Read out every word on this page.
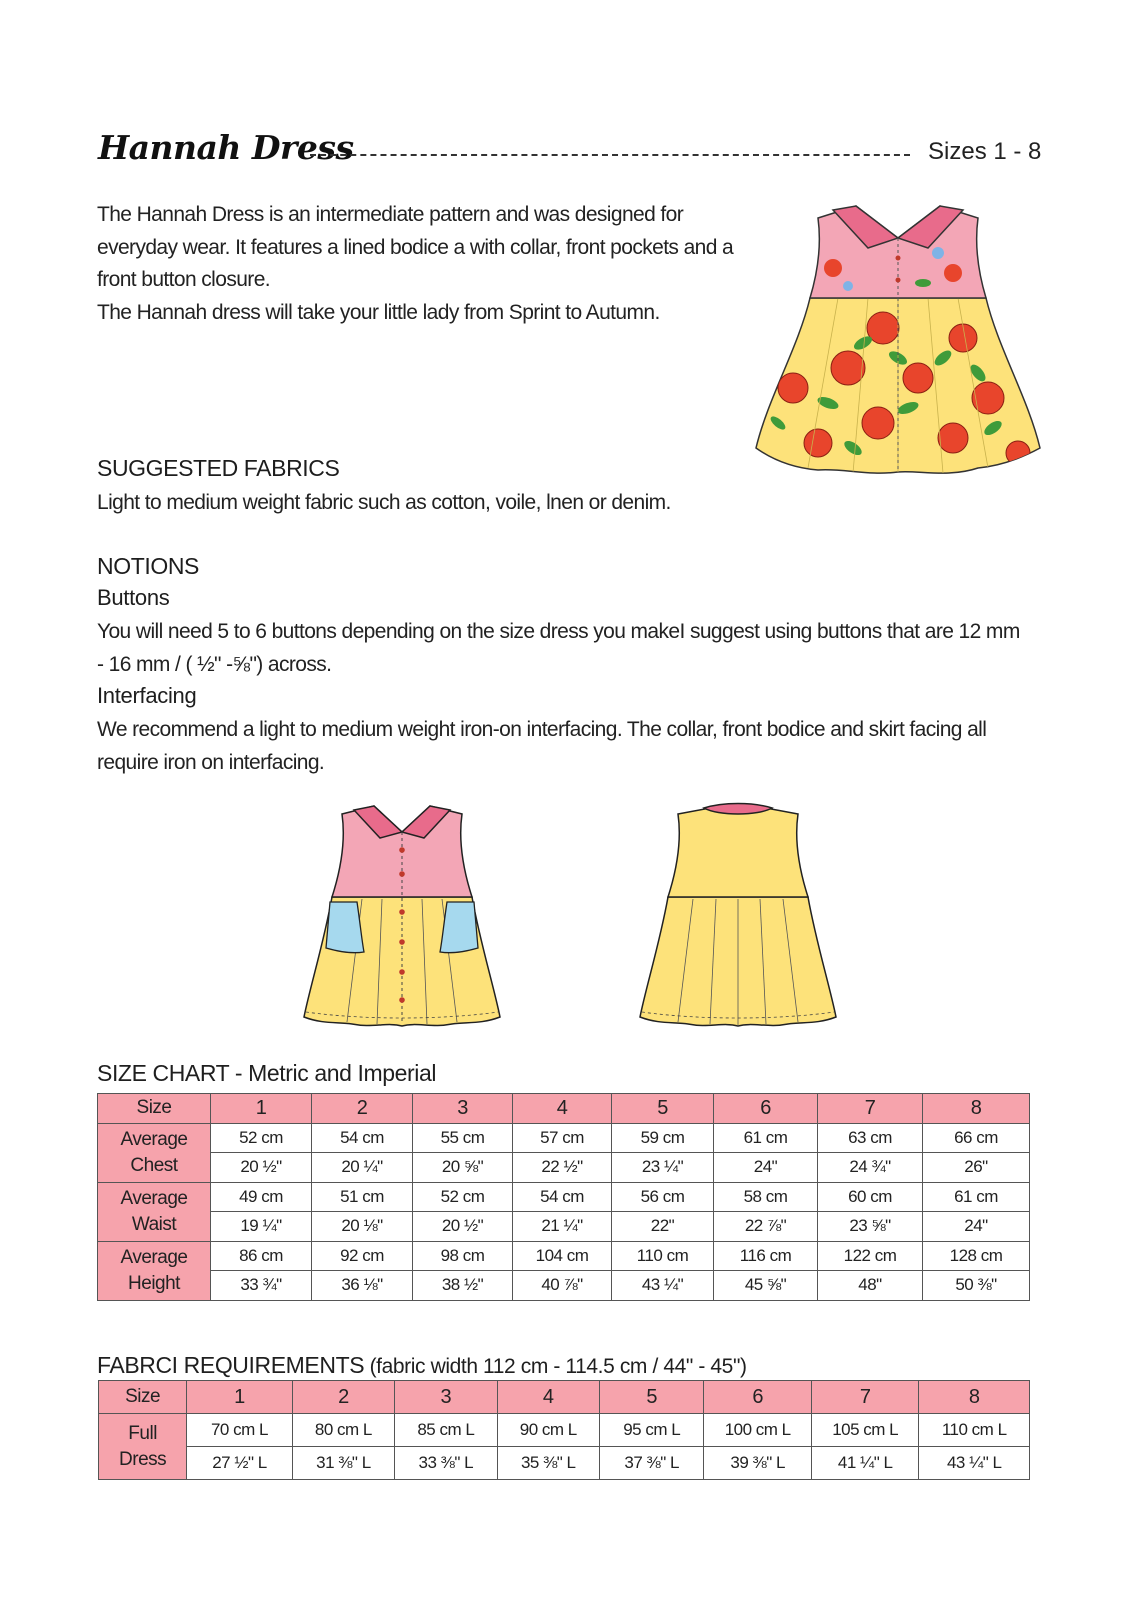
Hannah Dress	Sizes 1 - 8

The Hannah Dress is an intermediate pattern and was designed for everyday wear. It features a lined bodice a with collar, front pockets and a front button closure.

The Hannah dress will take your little lady from Sprint to Autumn.

SUGGESTED FABRICS
Light to medium weight fabric such as cotton, voile, lnen or denim.
NOTIONS
Buttons
You will need 5 to 6 buttons depending on the size dress you makeI suggest using buttons that are 12 mm - 16 mm / ( ½" -⅝") across.
Interfacing
We recommend a light to medium weight iron-on interfacing. The collar, front bodice and skirt facing all require iron on interfacing.
SIZE CHART - Metric and Imperial
Size	1	2	3	4	5	6	7	8

Average
Chest	52 cm	54 cm	55 cm	57 cm	59 cm	61 cm	63 cm	66 cm
	20 ½"	20 ¼"	20 ⅝"	22 ½"	23 ¼"	24"	24 ¾"	26"

Average
Waist	49 cm	51 cm	52 cm	54 cm	56 cm	58 cm	60 cm	61 cm
	19 ¼"	20 ⅛"	20 ½"	21 ¼"	22"	22 ⅞"	23 ⅝"	24"

Average
Height	86 cm	92 cm	98 cm	104 cm	110 cm	116 cm	122 cm	128 cm
	33 ¾"	36 ⅛"	38 ½"	40 ⅞"	43 ¼"	45 ⅝"	48"	50 ⅜"
FABRCI REQUIREMENTS (fabric width 112 cm - 114.5 cm / 44" - 45")
Size	1	2	3	4	5	6	7	8

Full
Dress	70 cm L	80 cm L	85 cm L	90 cm L	95 cm L	100 cm L	105 cm L	110 cm L
	27 ½" L	31 ⅜" L	33 ⅜" L	35 ⅜" L	37 ⅜" L	39 ⅜" L	41 ¼" L	43 ¼" L
